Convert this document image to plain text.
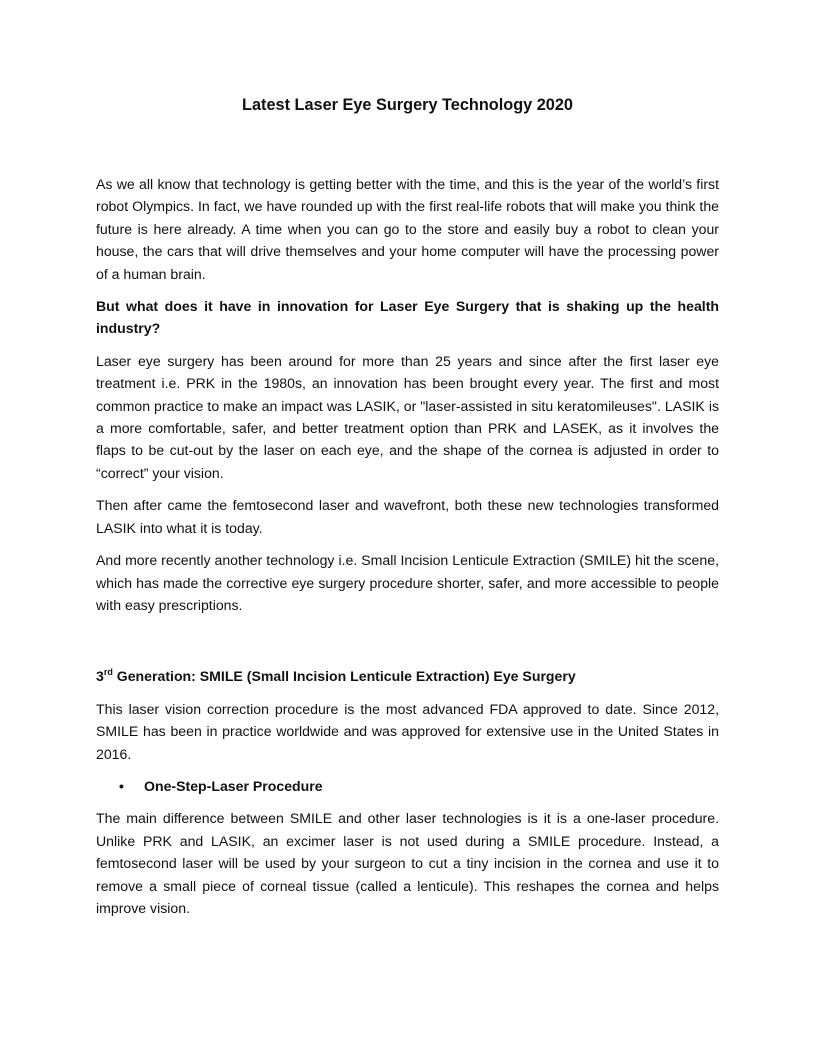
Latest Laser Eye Surgery Technology 2020

As we all know that technology is getting better with the time, and this is the year of the world’s first robot Olympics. In fact, we have rounded up with the first real-life robots that will make you think the future is here already. A time when you can go to the store and easily buy a robot to clean your house, the cars that will drive themselves and your home computer will have the processing power of a human brain.

But what does it have in innovation for Laser Eye Surgery that is shaking up the health industry?

Laser eye surgery has been around for more than 25 years and since after the first laser eye treatment i.e. PRK in the 1980s, an innovation has been brought every year. The first and most common practice to make an impact was LASIK, or "laser-assisted in situ keratomileuses". LASIK is a more comfortable, safer, and better treatment option than PRK and LASEK, as it involves the flaps to be cut-out by the laser on each eye, and the shape of the cornea is adjusted in order to “correct” your vision.

Then after came the femtosecond laser and wavefront, both these new technologies transformed LASIK into what it is today.

And more recently another technology i.e. Small Incision Lenticule Extraction (SMILE) hit the scene, which has made the corrective eye surgery procedure shorter, safer, and more accessible to people with easy prescriptions.

3rd Generation: SMILE (Small Incision Lenticule Extraction) Eye Surgery

This laser vision correction procedure is the most advanced FDA approved to date. Since 2012, SMILE has been in practice worldwide and was approved for extensive use in the United States in 2016.

•	One-Step-Laser Procedure

The main difference between SMILE and other laser technologies is it is a one-laser procedure. Unlike PRK and LASIK, an excimer laser is not used during a SMILE procedure. Instead, a femtosecond laser will be used by your surgeon to cut a tiny incision in the cornea and use it to remove a small piece of corneal tissue (called a lenticule). This reshapes the cornea and helps improve vision.
